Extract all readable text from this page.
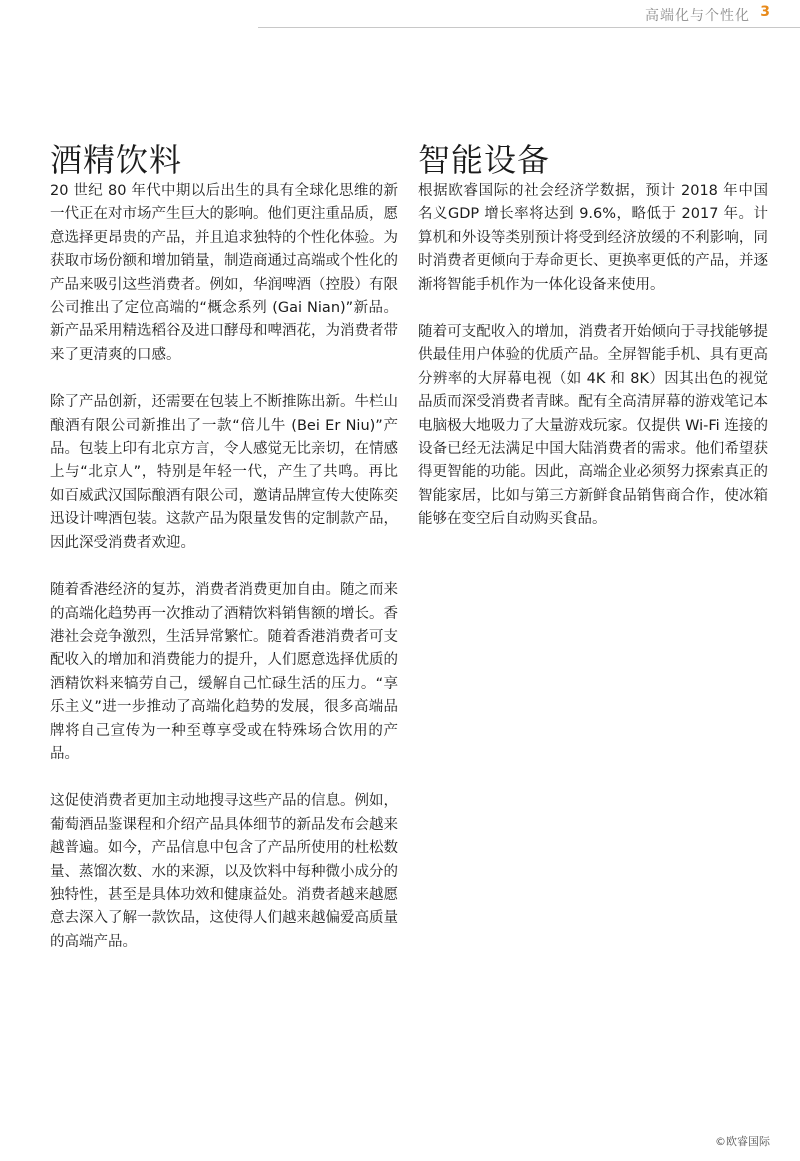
高端化与个性化 3
酒精饮料

20 世纪 80 年代中期以后出生的具有全球化思维的新一代正在对市场产生巨大的影响。他们更注重品质，愿意选择更昂贵的产品，并且追求独特的个性化体验。为获取市场份额和增加销量，制造商通过高端或个性化的产品来吸引这些消费者。例如，华润啤酒（控股）有限公司推出了定位高端的“概念系列 (Gai Nian)”新品。新产品采用精选稻谷及进口酵母和啤酒花，为消费者带来了更清爽的口感。

除了产品创新，还需要在包装上不断推陈出新。牛栏山酿酒有限公司新推出了一款“倍儿牛 (Bei Er Niu)”产品。包装上印有北京方言，令人感觉无比亲切，在情感上与“北京人”，特别是年轻一代，产生了共鸣。再比如百威武汉国际酿酒有限公司，邀请品牌宣传大使陈奕迅设计啤酒包装。这款产品为限量发售的定制款产品，因此深受消费者欢迎。

随着香港经济的复苏，消费者消费更加自由。随之而来的高端化趋势再一次推动了酒精饮料销售额的增长。香港社会竞争激烈，生活异常繁忙。随着香港消费者可支配收入的增加和消费能力的提升，人们愿意选择优质的酒精饮料来犒劳自己，缓解自己忙碌生活的压力。“享乐主义”进一步推动了高端化趋势的发展，很多高端品牌将自己宣传为一种至尊享受或在特殊场合饮用的产品。

这促使消费者更加主动地搜寻这些产品的信息。例如，葡萄酒品鉴课程和介绍产品具体细节的新品发布会越来越普遍。如今，产品信息中包含了产品所使用的杜松数量、蒸馏次数、水的来源，以及饮料中每种微小成分的独特性，甚至是具体功效和健康益处。消费者越来越愿意去深入了解一款饮品，这使得人们越来越偏爱高质量的高端产品。

智能设备

根据欧睿国际的社会经济学数据，预计 2018 年中国名义GDP 增长率将达到 9.6%，略低于 2017 年。计算机和外设等类别预计将受到经济放缓的不利影响，同时消费者更倾向于寿命更长、更换率更低的产品，并逐渐将智能手机作为一体化设备来使用。

随着可支配收入的增加，消费者开始倾向于寻找能够提供最佳用户体验的优质产品。全屏智能手机、具有更高分辨率的大屏幕电视（如 4K 和 8K）因其出色的视觉品质而深受消费者青睐。配有全高清屏幕的游戏笔记本电脑极大地吸力了大量游戏玩家。仅提供 Wi-Fi 连接的设备已经无法满足中国大陆消费者的需求。他们希望获得更智能的功能。因此，高端企业必须努力探索真正的智能家居，比如与第三方新鲜食品销售商合作，使冰箱能够在变空后自动购买食品。

©欧睿国际
